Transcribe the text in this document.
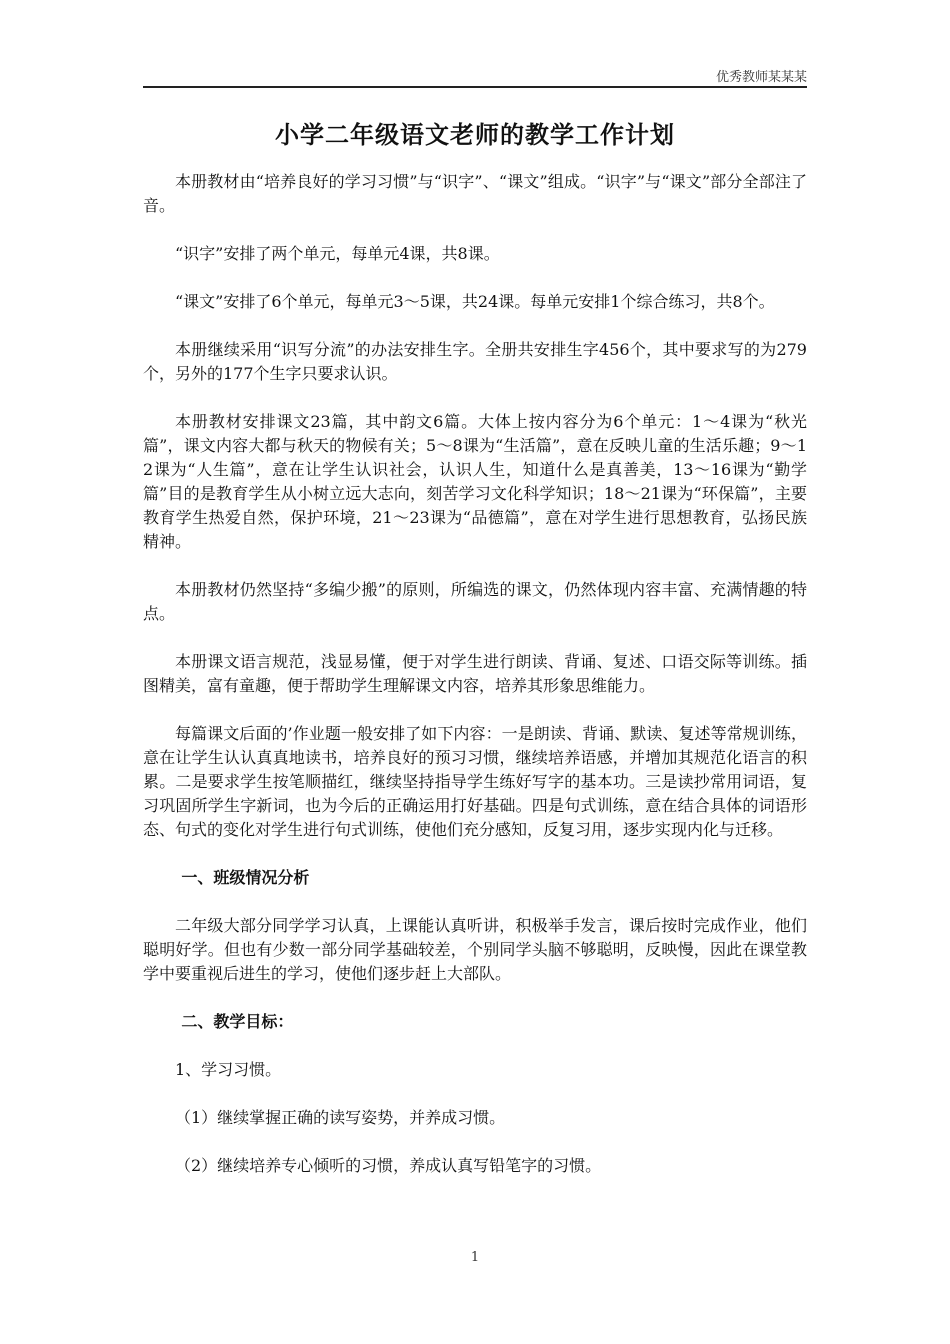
优秀教师某某某
小学二年级语文老师的教学工作计划

本册教材由“培养良好的学习习惯”与“识字”、“课文”组成。“识字”与“课文”部分全部注了音。

“识字”安排了两个单元，每单元4课，共8课。

“课文”安排了6个单元，每单元3～5课，共24课。每单元安排1个综合练习，共8个。

本册继续采用“识写分流”的办法安排生字。全册共安排生字456个，其中要求写的为279个，另外的177个生字只要求认识。

本册教材安排课文23篇，其中韵文6篇。大体上按内容分为6个单元：1～4课为“秋光篇”，课文内容大都与秋天的物候有关；5～8课为“生活篇”，意在反映儿童的生活乐趣；9～12课为“人生篇”，意在让学生认识社会，认识人生，知道什么是真善美，13～16课为“勤学篇”目的是教育学生从小树立远大志向，刻苦学习文化科学知识；18～21课为“环保篇”，主要教育学生热爱自然，保护环境，21～23课为“品德篇”，意在对学生进行思想教育，弘扬民族精神。

本册教材仍然坚持“多编少搬”的原则，所编选的课文，仍然体现内容丰富、充满情趣的特点。

本册课文语言规范，浅显易懂，便于对学生进行朗读、背诵、复述、口语交际等训练。插图精美，富有童趣，便于帮助学生理解课文内容，培养其形象思维能力。

每篇课文后面的’作业题一般安排了如下内容：一是朗读、背诵、默读、复述等常规训练，意在让学生认认真真地读书，培养良好的预习习惯，继续培养语感，并增加其规范化语言的积累。二是要求学生按笔顺描红，继续坚持指导学生练好写字的基本功。三是读抄常用词语，复习巩固所学生字新词，也为今后的正确运用打好基础。四是句式训练，意在结合具体的词语形态、句式的变化对学生进行句式训练，使他们充分感知，反复习用，逐步实现内化与迁移。

一、班级情况分析

二年级大部分同学学习认真，上课能认真听讲，积极举手发言，课后按时完成作业，他们聪明好学。但也有少数一部分同学基础较差，个别同学头脑不够聪明，反映慢，因此在课堂教学中要重视后进生的学习，使他们逐步赶上大部队。

二、教学目标：

1、学习习惯。

（1）继续掌握正确的读写姿势，并养成习惯。

（2）继续培养专心倾听的习惯，养成认真写铅笔字的习惯。

1
